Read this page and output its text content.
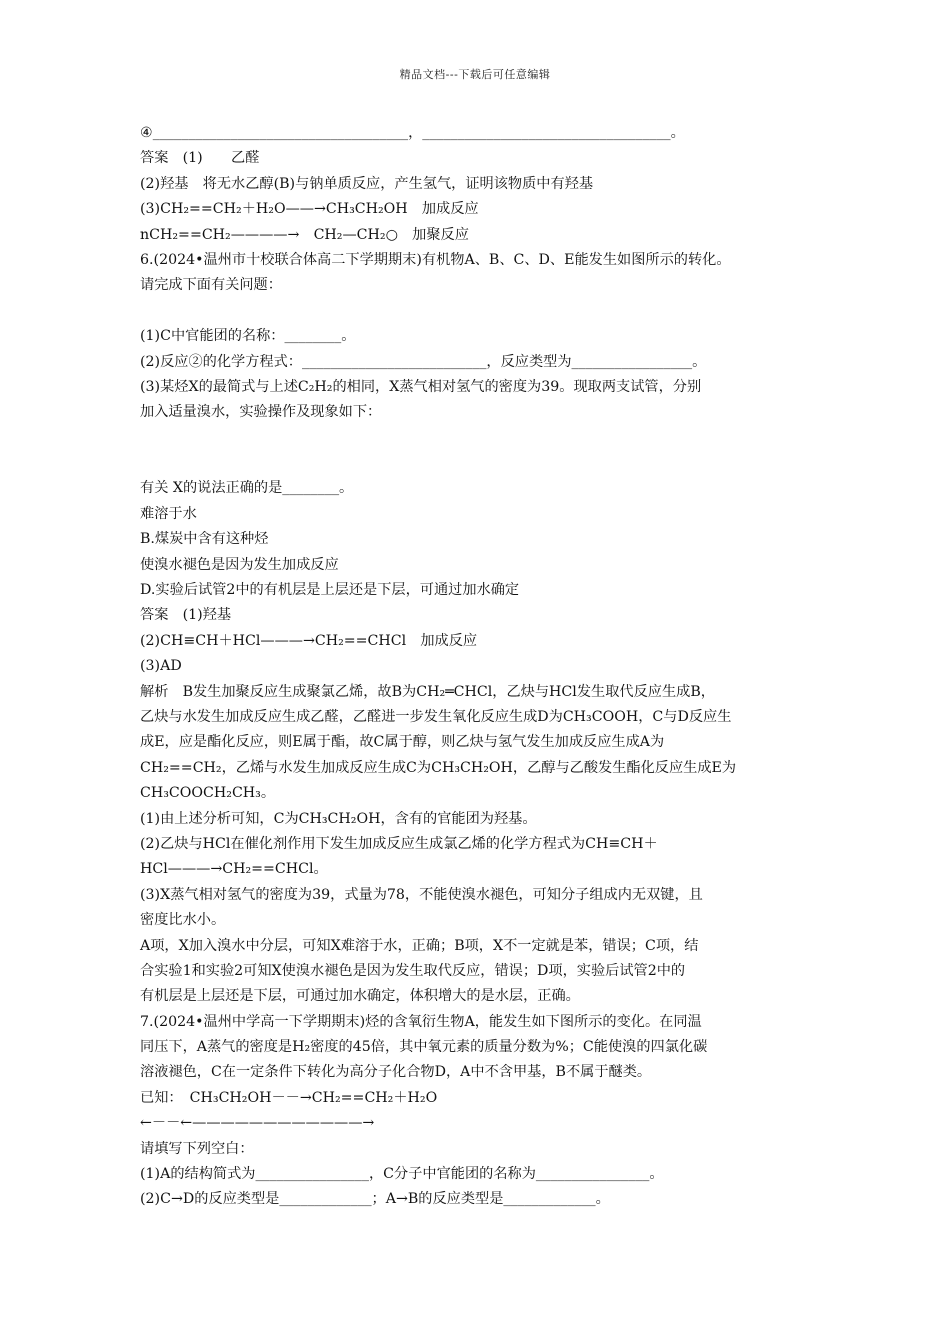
精品文档---下载后可任意编辑
④____________________________________，___________________________________。
答案　(1)　　乙醛
(2)羟基　将无水乙醇(B)与钠单质反应，产生氢气，证明该物质中有羟基
(3)CH₂==CH₂＋H₂O——→CH₃CH₂OH　加成反应
nCH₂==CH₂————→　CH₂—CH₂○　加聚反应
6.(2024•温州市十校联合体高二下学期期末)有机物A、B、C、D、E能发生如图所示的转化。
请完成下面有关问题：
(1)C中官能团的名称：________。
(2)反应②的化学方程式：__________________________，反应类型为_________________。
(3)某烃X的最简式与上述C₂H₂的相同，X蒸气相对氢气的密度为39。现取两支试管，分别
加入适量溴水，实验操作及现象如下：
有关 X的说法正确的是________。
难溶于水
B.煤炭中含有这种烃
使溴水褪色是因为发生加成反应
D.实验后试管2中的有机层是上层还是下层，可通过加水确定
答案　(1)羟基
(2)CH≡CH＋HCl———→CH₂==CHCl　加成反应
(3)AD
解析　B发生加聚反应生成聚氯乙烯，故B为CH₂═CHCl，乙炔与HCl发生取代反应生成B，
乙炔与水发生加成反应生成乙醛，乙醛进一步发生氧化反应生成D为CH₃COOH，C与D反应生
成E，应是酯化反应，则E属于酯，故C属于醇，则乙炔与氢气发生加成反应生成A为
CH₂==CH₂，乙烯与水发生加成反应生成C为CH₃CH₂OH，乙醇与乙酸发生酯化反应生成E为
CH₃COOCH₂CH₃。
(1)由上述分析可知，C为CH₃CH₂OH，含有的官能团为羟基。
(2)乙炔与HCl在催化剂作用下发生加成反应生成氯乙烯的化学方程式为CH≡CH＋
HCl———→CH₂==CHCl。
(3)X蒸气相对氢气的密度为39，式量为78，不能使溴水褪色，可知分子组成内无双键，且
密度比水小。
A项，X加入溴水中分层，可知X难溶于水，正确；B项，X不一定就是苯，错误；C项，结
合实验1和实验2可知X使溴水褪色是因为发生取代反应，错误；D项，实验后试管2中的
有机层是上层还是下层，可通过加水确定，体积增大的是水层，正确。
7.(2024•温州中学高一下学期期末)烃的含氧衍生物A，能发生如下图所示的变化。在同温
同压下，A蒸气的密度是H₂密度的45倍，其中氧元素的质量分数为%；C能使溴的四氯化碳
溶液褪色，C在一定条件下转化为高分子化合物D，A中不含甲基，B不属于醚类。
已知：　CH₃CH₂OH－－→CH₂==CH₂＋H₂O
←－－←————————————→
请填写下列空白：
(1)A的结构简式为________________，C分子中官能团的名称为________________。
(2)C→D的反应类型是_____________；A→B的反应类型是_____________。
